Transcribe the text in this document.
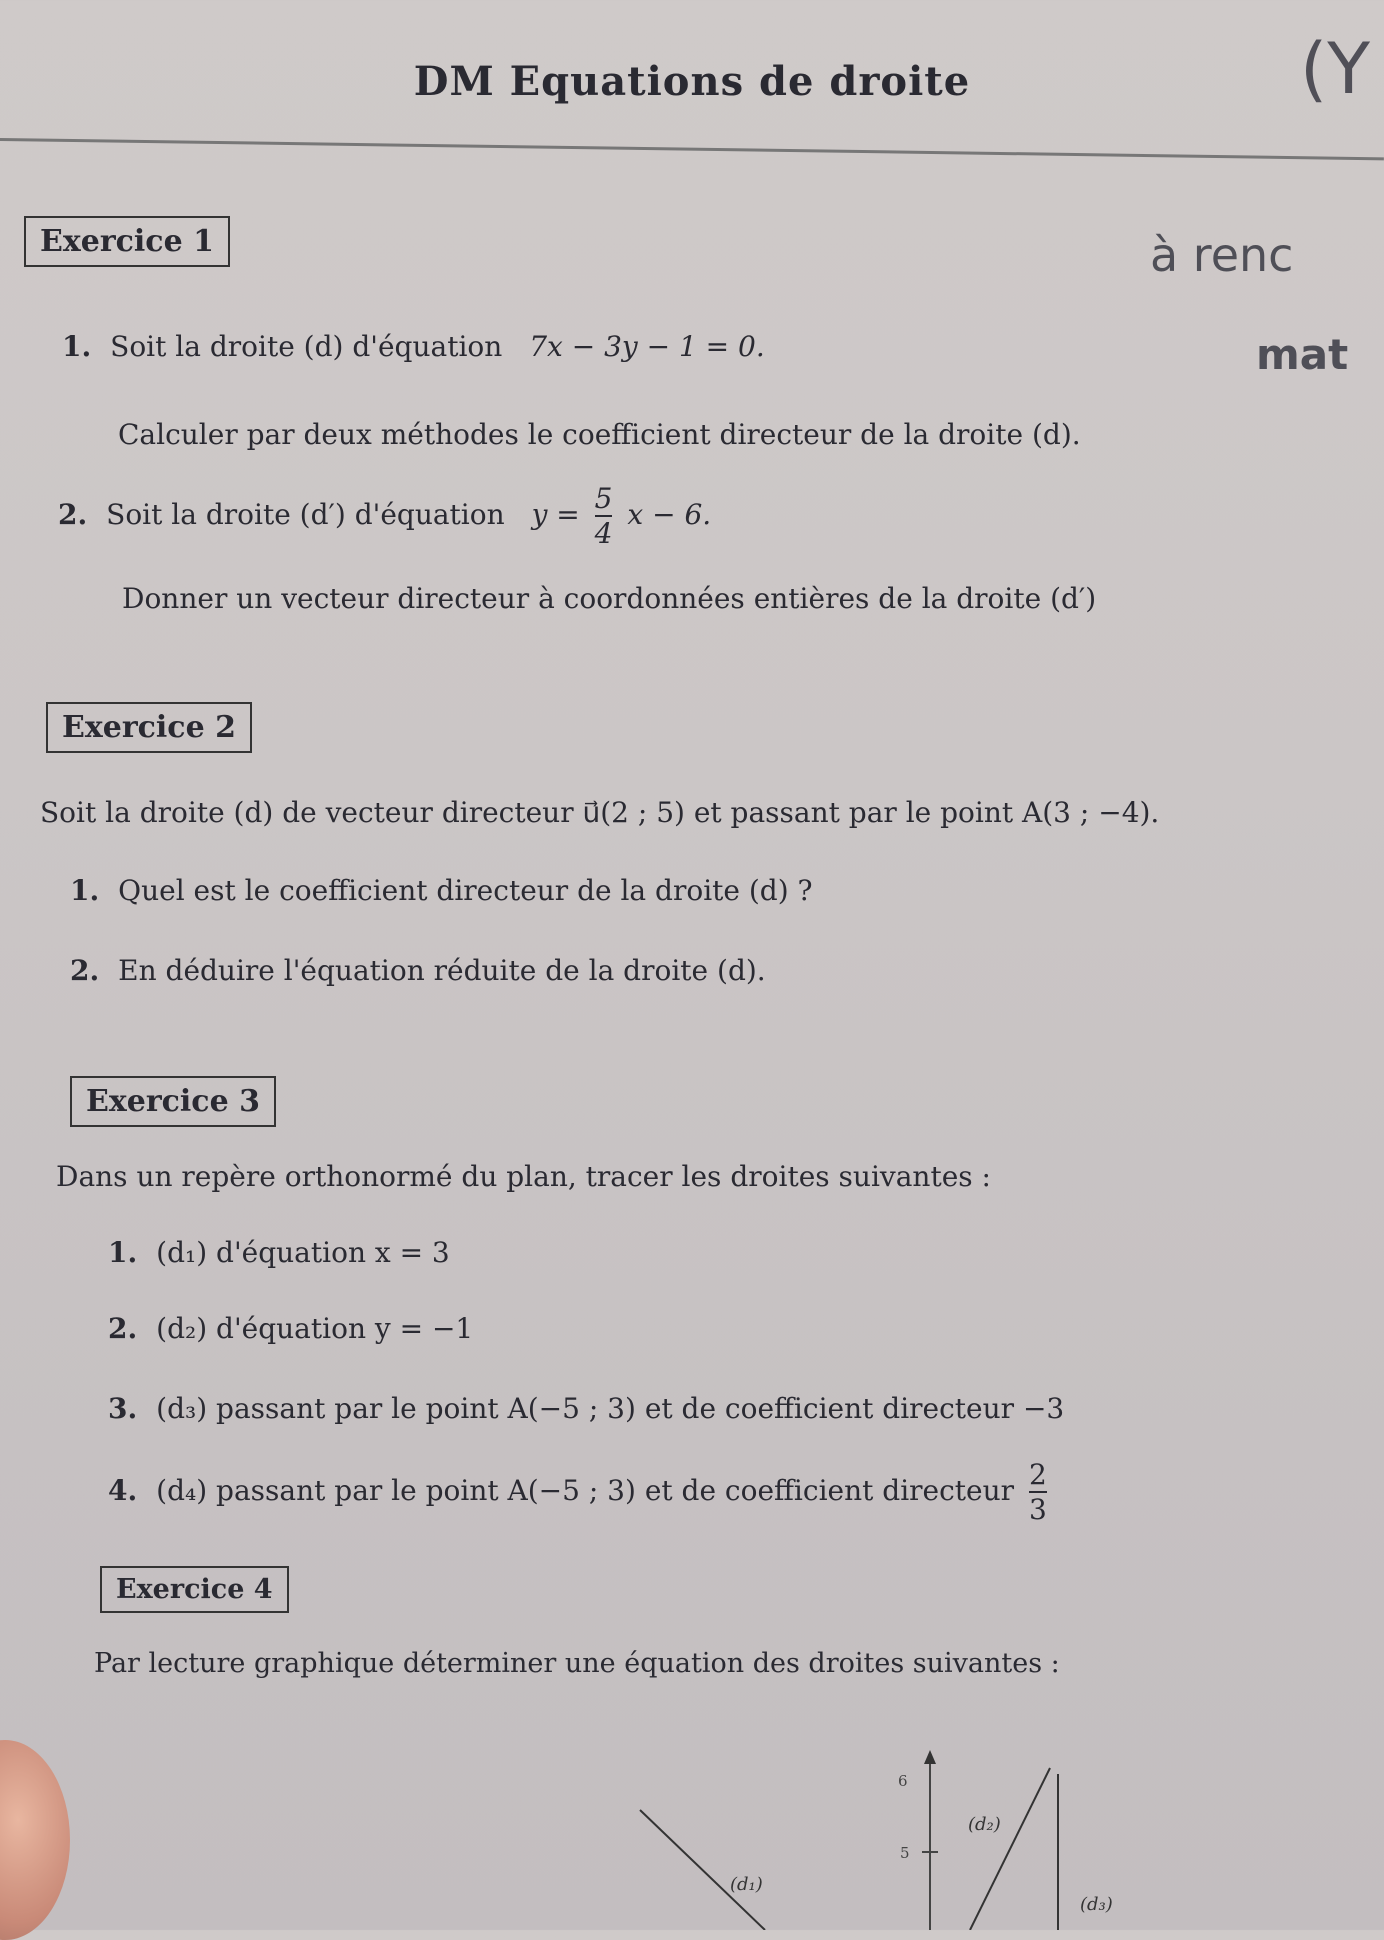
DM Equations de droite	(Y
à renc
mat
Exercice 1
1. Soit la droite (d) d'équation 7x − 3y − 1 = 0.
Calculer par deux méthodes le coefficient directeur de la droite (d).
2. Soit la droite (d′) d'équation $y = \frac{5}{4}$ x − 6.
Donner un vecteur directeur à coordonnées entières de la droite (d′)
Exercice 2
Soit la droite (d) de vecteur directeur u⃗(2 ; 5) et passant par le point A(3 ; −4).
1. Quel est le coefficient directeur de la droite (d) ?
2. En déduire l'équation réduite de la droite (d).
Exercice 3
Dans un repère orthonormé du plan, tracer les droites suivantes :
1. (d₁) d'équation x = 3
2. (d₂) d'équation y = −1
3. (d₃) passant par le point A(−5 ; 3) et de coefficient directeur −3
4. (d₄) passant par le point A(−5 ; 3) et de coefficient directeur $\frac{2}{3}$
Exercice 4
Par lecture graphique déterminer une équation des droites suivantes :
6
5
(d₁)
(d₂)
(d₃)
